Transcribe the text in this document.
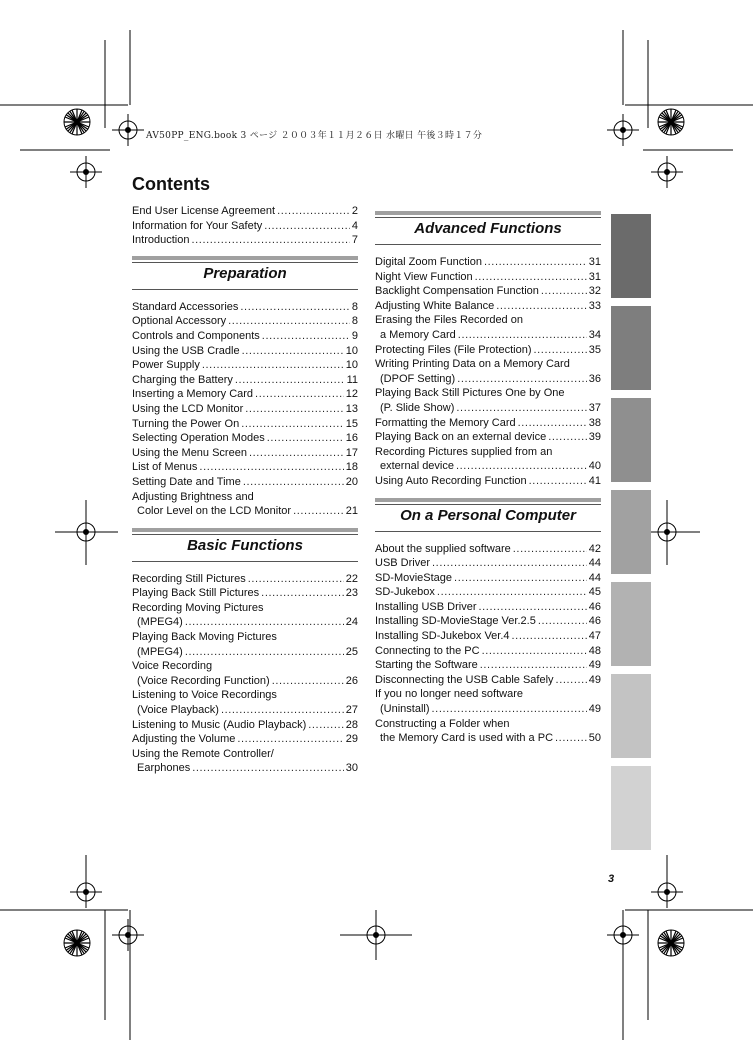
AV50PP_ENG.book 3 ページ ２００３年１１月２６日 水曜日 午後３時１７分
Contents
End User License Agreement .....	2
Information for Your Safety .....	4
Introduction .....	7
Preparation
Standard Accessories .....	8
Optional Accessory .....	8
Controls and Components .....	9
Using the USB Cradle .....	10
Power Supply .....	10
Charging the Battery .....	11
Inserting a Memory Card .....	12
Using the LCD Monitor .....	13
Turning the Power On .....	15
Selecting Operation Modes .....	16
Using the Menu Screen .....	17
List of Menus .....	18
Setting Date and Time .....	20
Adjusting Brightness and
Color Level on the LCD Monitor .....	21
Basic Functions
Recording Still Pictures .....	22
Playing Back Still Pictures .....	23
Recording Moving Pictures
(MPEG4) .....	24
Playing Back Moving Pictures
(MPEG4) .....	25
Voice Recording
(Voice Recording Function) .....	26
Listening to Voice Recordings
(Voice Playback) .....	27
Listening to Music (Audio Playback) .....	28
Adjusting the Volume .....	29
Using the Remote Controller/
Earphones .....	30
Advanced Functions
Digital Zoom Function .....	31
Night View Function .....	31
Backlight Compensation Function .....	32
Adjusting White Balance .....	33
Erasing the Files Recorded on
a Memory Card .....	34
Protecting Files (File Protection) .....	35
Writing Printing Data on a Memory Card
(DPOF Setting) .....	36
Playing Back Still Pictures One by One
(P. Slide Show) .....	37
Formatting the Memory Card .....	38
Playing Back on an external device .....	39
Recording Pictures supplied from an
external device .....	40
Using Auto Recording Function .....	41
On a Personal Computer
About the supplied software .....	42
USB Driver .....	44
SD-MovieStage .....	44
SD-Jukebox .....	45
Installing USB Driver .....	46
Installing SD-MovieStage Ver.2.5 .....	46
Installing SD-Jukebox Ver.4 .....	47
Connecting to the PC .....	48
Starting the Software .....	49
Disconnecting the USB Cable Safely .....	49
If you no longer need software
(Uninstall) .....	49
Constructing a Folder when
the Memory Card is used with a PC .....	50
3
